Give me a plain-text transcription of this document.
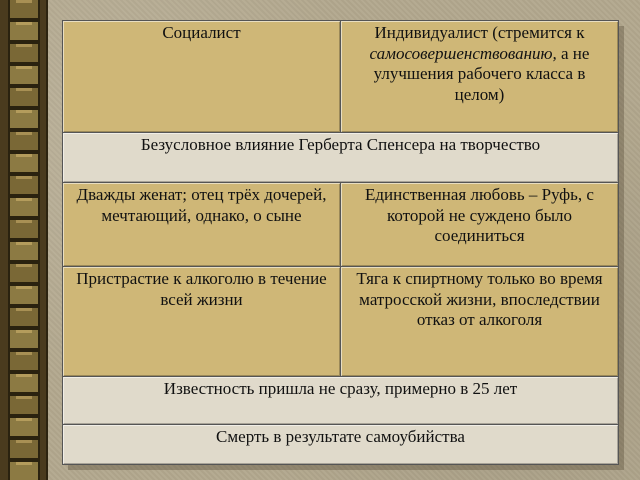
Социалист	Индивидуалист (стремится к самосовершенствованию, а не улучшения рабочего класса в целом)
Безусловное влияние Герберта Спенсера на творчество	
Дважды женат; отец трёх дочерей, мечтающий, однако, о сыне	Единственная любовь – Руфь, с которой не суждено было соединиться
Пристрастие к алкоголю в течение всей жизни	Тяга к спиртному только во время матросской жизни, впоследствии отказ от алкоголя
Известность пришла не сразу, примерно в 25 лет	
Смерть в результате самоубийства	
